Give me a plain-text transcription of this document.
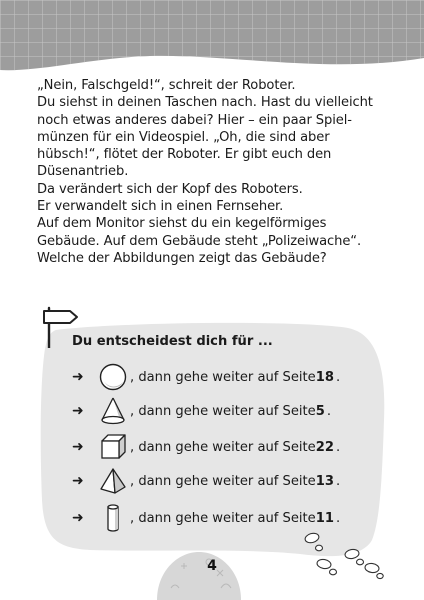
„Nein, Falschgeld!“, schreit der Roboter.
Du siehst in deinen Taschen nach. Hast du vielleicht
noch etwas anderes dabei? Hier – ein paar Spiel-
münzen für ein Videospiel. „Oh, die sind aber
hübsch!“, flötet der Roboter. Er gibt euch den
Düsenantrieb.
Da verändert sich der Kopf des Roboters.
Er verwandelt sich in einen Fernseher.
Auf dem Monitor siehst du ein kegelförmiges
Gebäude. Auf dem Gebäude steht „Polizeiwache“.
Welche der Abbildungen zeigt das Gebäude?

Du entscheidest dich für ...
➜	, dann gehe weiter auf Seite 18 .
➜	, dann gehe weiter auf Seite 5 .
➜	, dann gehe weiter auf Seite 22 .
➜	, dann gehe weiter auf Seite 13 .
➜	, dann gehe weiter auf Seite 11 .
4
